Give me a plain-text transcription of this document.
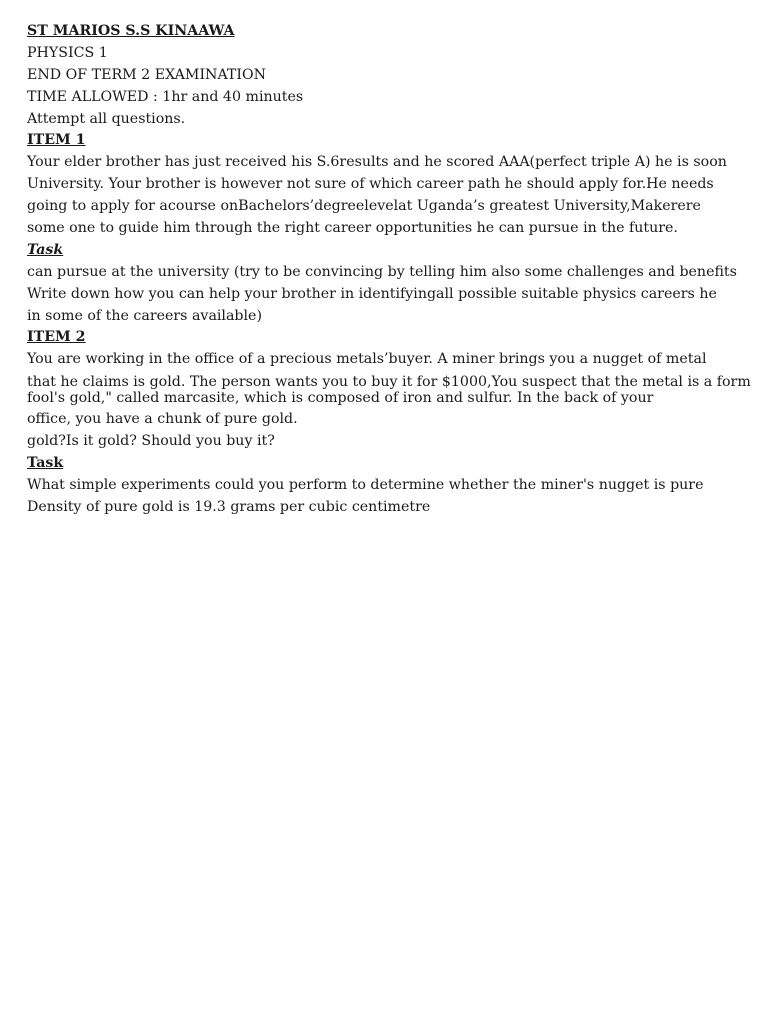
ST MARIOS S.S KINAAWA
PHYSICS 1
END OF TERM 2 EXAMINATION
TIME ALLOWED : 1hr and 40 minutes
Attempt all questions.
ITEM 1
Your elder brother has just received his S.6results and he scored AAA(perfect triple A) he is soon
University. Your brother is however not sure of which career path he should apply for.He needs
going to apply for acourse onBachelors’degreelevelat Uganda’s greatest University,Makerere
some one to guide him through the right career opportunities he can pursue in the future.
Task
can pursue at the university (try to be convincing by telling him also some challenges and benefits
Write down how you can help your brother in identifyingall possible suitable physics careers he
in some of the careers available)
ITEM 2
You are working in the office of a precious metals’buyer. A miner brings you a nugget of metal
that he claims is gold. The person wants you to buy it for $1000,You suspect that the metal is a form fool's gold," called marcasite, which is composed of iron and sulfur. In the back of your
office, you have a chunk of pure gold.
gold?Is it gold? Should you buy it?
Task
What simple experiments could you perform to determine whether the miner's nugget is pure
Density of pure gold is 19.3 grams per cubic centimetre
